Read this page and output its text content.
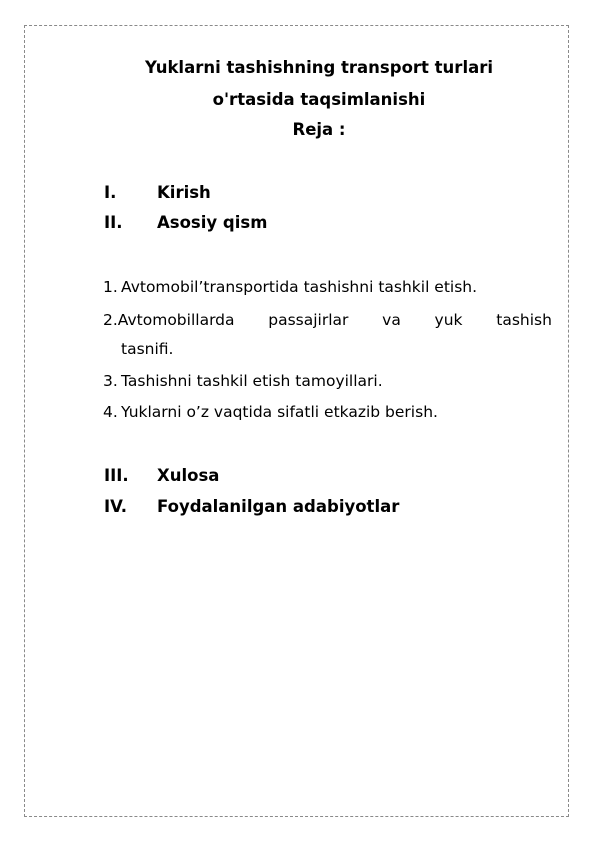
Yuklarni tashishning transport turlari
o'rtasida taqsimlanishi
Reja :
I. Kirish
II. Asosiy qism
1. Avtomobil’transportida tashishni tashkil etish.
2.Avtomobillarda passajirlar va yuk tashish
tasnifi.
3. Tashishni tashkil etish tamoyillari.
4. Yuklarni o’z vaqtida sifatli etkazib berish.
III. Xulosa
IV. Foydalanilgan adabiyotlar
